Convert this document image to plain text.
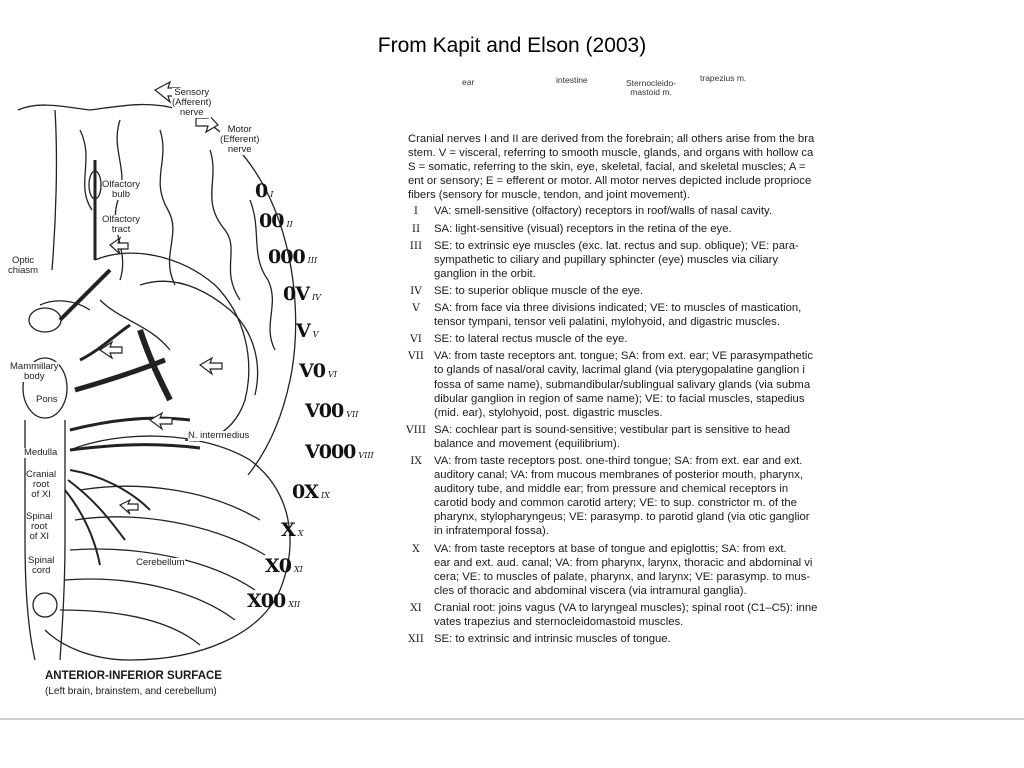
From Kapit and Elson (2003)
ear	intestine	Sternocleido-
mastoid m.
trapezius m.
Sensory
(Afferent)
nerve
Motor
(Efferent)
nerve
Olfactory
bulb
Olfactory
tract
Optic
chiasm
Mammillary
body
Pons
N. intermedius
Medulla
Cranial
root
of XI
Spinal
root
of XI
Spinal
cord
Cerebellum
0 I
00 II
000 III
0V IV
V V
V0 VI
V00 VII
V000 VIII
0X IX
X X
X0 XI
X00 XII
ANTERIOR-INFERIOR SURFACE
(Left brain, brainstem, and cerebellum)

Cranial nerves I and II are derived from the forebrain; all others arise from the bra

stem. V = visceral, referring to smooth muscle, glands, and organs with hollow ca

S = somatic, referring to the skin, eye, skeletal, facial, and skeletal muscles; A =

ent or sensory; E = efferent or motor. All motor nerves depicted include proprioce

fibers (sensory for muscle, tendon, and joint movement).

I	VA: smell-sensitive (olfactory) receptors in roof/walls of nasal cavity.
II	SA: light-sensitive (visual) receptors in the retina of the eye.
III	SE: to extrinsic eye muscles (exc. lat. rectus and sup. oblique); VE: para-
sympathetic to ciliary and pupillary sphincter (eye) muscles via ciliary
ganglion in the orbit.
IV	SE: to superior oblique muscle of the eye.
V	SA: from face via three divisions indicated; VE: to muscles of mastication,
tensor tympani, tensor veli palatini, mylohyoid, and digastric muscles.
VI	SE: to lateral rectus muscle of the eye.
VII VA: from taste receptors ant. tongue; SA: from ext. ear; VE parasympathetic
to glands of nasal/oral cavity, lacrimal gland (via pterygopalatine ganglion i
fossa of same name), submandibular/sublingual salivary glands (via subma
dibular ganglion in region of same name); VE: to facial muscles, stapedius
(mid. ear), stylohyoid, post. digastric muscles.
VIII SA: cochlear part is sound-sensitive; vestibular part is sensitive to head
balance and movement (equilibrium).
IX	VA: from taste receptors post. one-third tongue; SA: from ext. ear and ext.
auditory canal; VA: from mucous membranes of posterior mouth, pharynx,
auditory tube, and middle ear; from pressure and chemical receptors in
carotid body and common carotid artery; VE: to sup. constrictor m. of the
pharynx, stylopharyngeus; VE: parasymp. to parotid gland (via otic ganglior
in infratemporal fossa).
X	VA: from taste receptors at base of tongue and epiglottis; SA: from ext.
ear and ext. aud. canal; VA: from pharynx, larynx, thoracic and abdominal vi
cera; VE: to muscles of palate, pharynx, and larynx; VE: parasymp. to mus-
cles of thoracic and abdominal viscera (via intramural ganglia).
XI	Cranial root: joins vagus (VA to laryngeal muscles); spinal root (C1–C5): inne
vates trapezius and sternocleidomastoid muscles.
XII SE: to extrinsic and intrinsic muscles of tongue.
